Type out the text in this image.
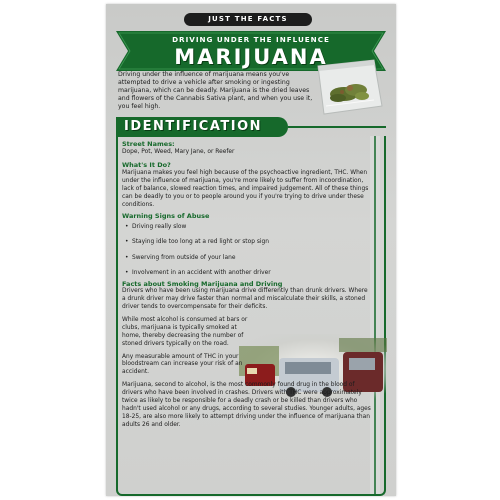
JUST THE FACTS
DRIVING UNDER THE INFLUENCE
MARIJUANA
Driving under the influence of marijuana means you've attempted to drive a vehicle after smoking or ingesting marijuana, which can be deadly. Marijuana is the dried leaves and flowers of the Cannabis Sativa plant, and when you use it, you feel high.
IDENTIFICATION
Street Names:
Dope, Pot, Weed, Mary Jane, or Reefer
What's It Do?
Marijuana makes you feel high because of the psychoactive ingredient, THC. When under the influence of marijuana, you're more likely to suffer from incoordination, lack of balance, slowed reaction times, and impaired judgement. All of these things can be deadly to you or to people around you if you're trying to drive under these conditions.
Warning Signs of Abuse
• Driving really slow
• Staying idle too long at a red light or stop sign
• Swerving from outside of your lane
• Involvement in an accident with another driver
Facts about Smoking Marijuana and Driving
Drivers who have been using marijuana drive differently than drunk drivers. Where a drunk driver may drive faster than normal and miscalculate their skills, a stoned driver tends to overcompensate for their deficits.
While most alcohol is consumed at bars or clubs, marijuana is typically smoked at home, thereby decreasing the number of stoned drivers typically on the road.
Any measurable amount of THC in your bloodstream can increase your risk of an accident.
Marijuana, second to alcohol, is the most commonly found drug in the blood of drivers who have been involved in crashes. Drivers with THC were approximately twice as likely to be responsible for a deadly crash or be killed than drivers who hadn't used alcohol or any drugs, according to several studies. Younger adults, ages 18-25, are also more likely to attempt driving under the influence of marijuana than adults 26 and older.
